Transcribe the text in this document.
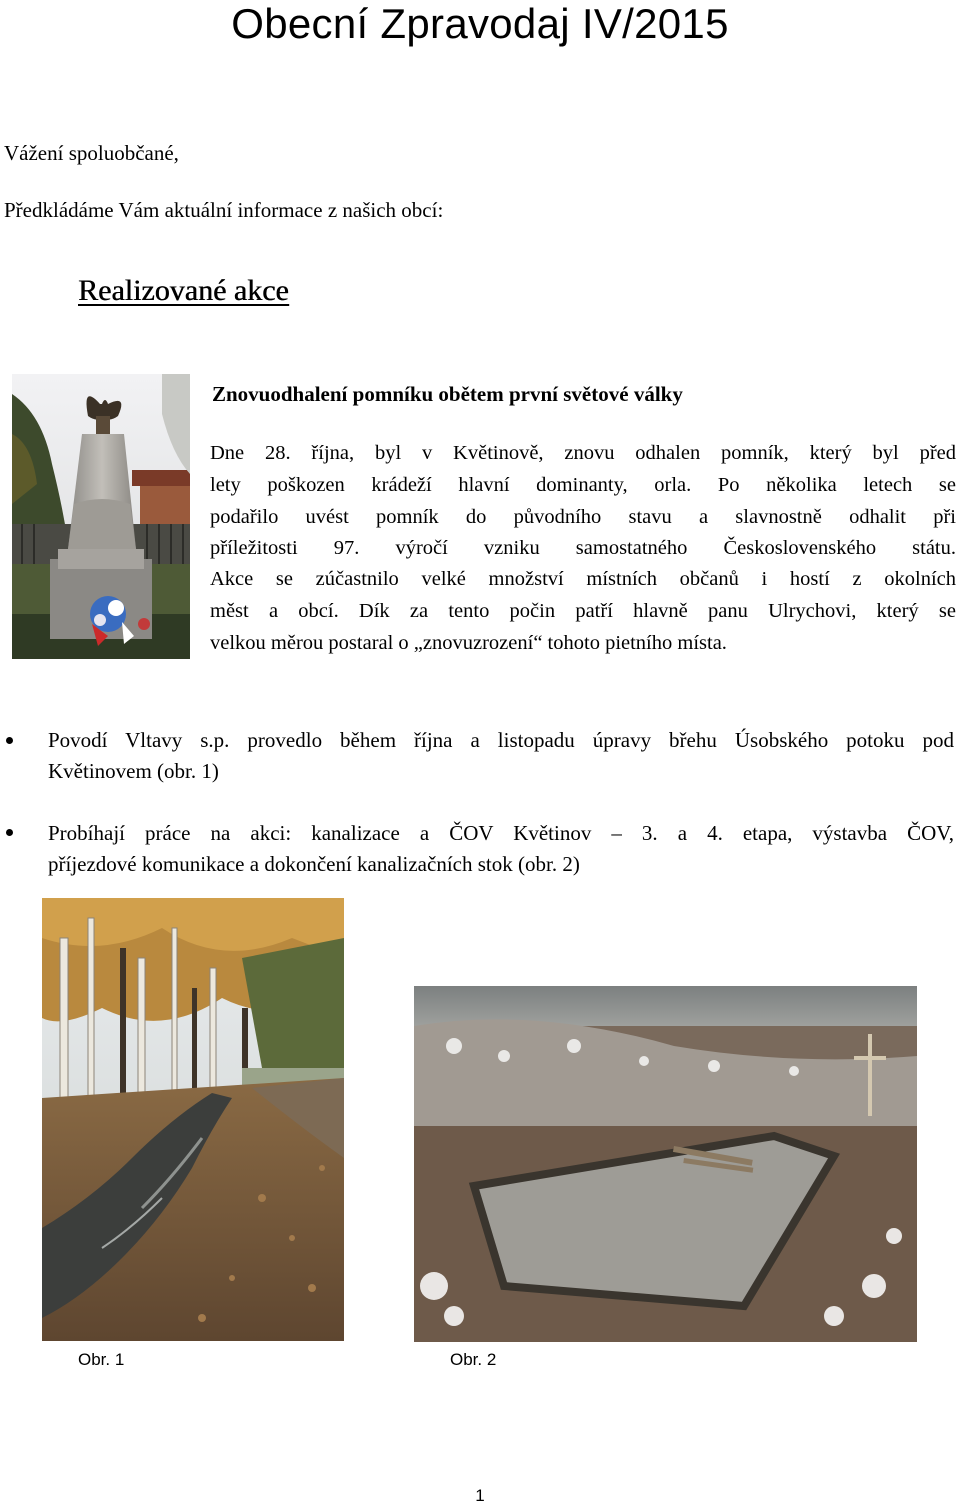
Obecní Zpravodaj IV/2015
Vážení spoluobčané,
Předkládáme Vám aktuální informace z našich obcí:
Realizované akce
Znovuodhalení pomníku obětem první světové války
Dne 28. října, byl v Květinově, znovu odhalen pomník, který byl před
lety poškozen krádeží hlavní dominanty, orla. Po několika letech se
podařilo uvést pomník do původního stavu a slavnostně odhalit při
příležitosti 97. výročí vzniku samostatného Československého státu.
Akce se zúčastnilo velké množství místních občanů i hostí z okolních
měst a obcí. Dík za tento počin patří hlavně panu Ulrychovi, který se
velkou měrou postaral o „znovuzrození“ tohoto pietního místa.
Povodí Vltavy s.p. provedlo během října a listopadu úpravy břehu Úsobského potoku pod
Květinovem (obr. 1)
Probíhají práce na akci: kanalizace a ČOV Květinov – 3. a 4. etapa, výstavba ČOV,
příjezdové komunikace a dokončení kanalizačních stok (obr. 2)
Obr. 1	Obr. 2
1
